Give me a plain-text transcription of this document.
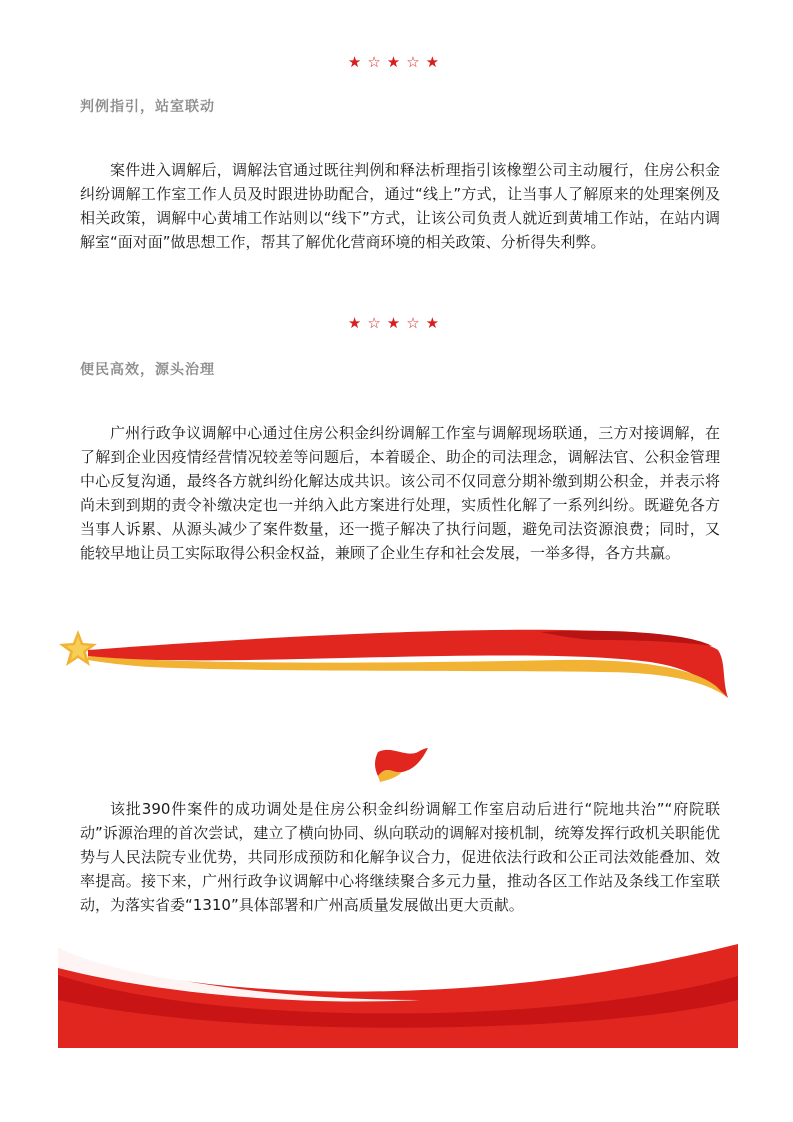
★☆★☆★
判例指引，站室联动
案件进入调解后，调解法官通过既往判例和释法析理指引该橡塑公司主动履行，住房公积金纠纷调解工作室工作人员及时跟进协助配合，通过“线上”方式，让当事人了解原来的处理案例及相关政策，调解中心黄埔工作站则以“线下”方式，让该公司负责人就近到黄埔工作站，在站内调解室“面对面”做思想工作，帮其了解优化营商环境的相关政策、分析得失利弊。
★☆★☆★
便民高效，源头治理
广州行政争议调解中心通过住房公积金纠纷调解工作室与调解现场联通，三方对接调解，在了解到企业因疫情经营情况较差等问题后，本着暖企、助企的司法理念，调解法官、公积金管理中心反复沟通，最终各方就纠纷化解达成共识。该公司不仅同意分期补缴到期公积金，并表示将尚未到到期的责令补缴决定也一并纳入此方案进行处理，实质性化解了一系列纠纷。既避免各方当事人诉累、从源头减少了案件数量，还一揽子解决了执行问题，避免司法资源浪费；同时，又能较早地让员工实际取得公积金权益，兼顾了企业生存和社会发展，一举多得，各方共赢。
该批390件案件的成功调处是住房公积金纠纷调解工作室启动后进行“院地共治”“府院联动”诉源治理的首次尝试，建立了横向协同、纵向联动的调解对接机制，统筹发挥行政机关职能优势与人民法院专业优势，共同形成预防和化解争议合力，促进依法行政和公正司法效能叠加、效率提高。接下来，广州行政争议调解中心将继续聚合多元力量，推动各区工作站及条线工作室联动，为落实省委“1310”具体部署和广州高质量发展做出更大贡献。
